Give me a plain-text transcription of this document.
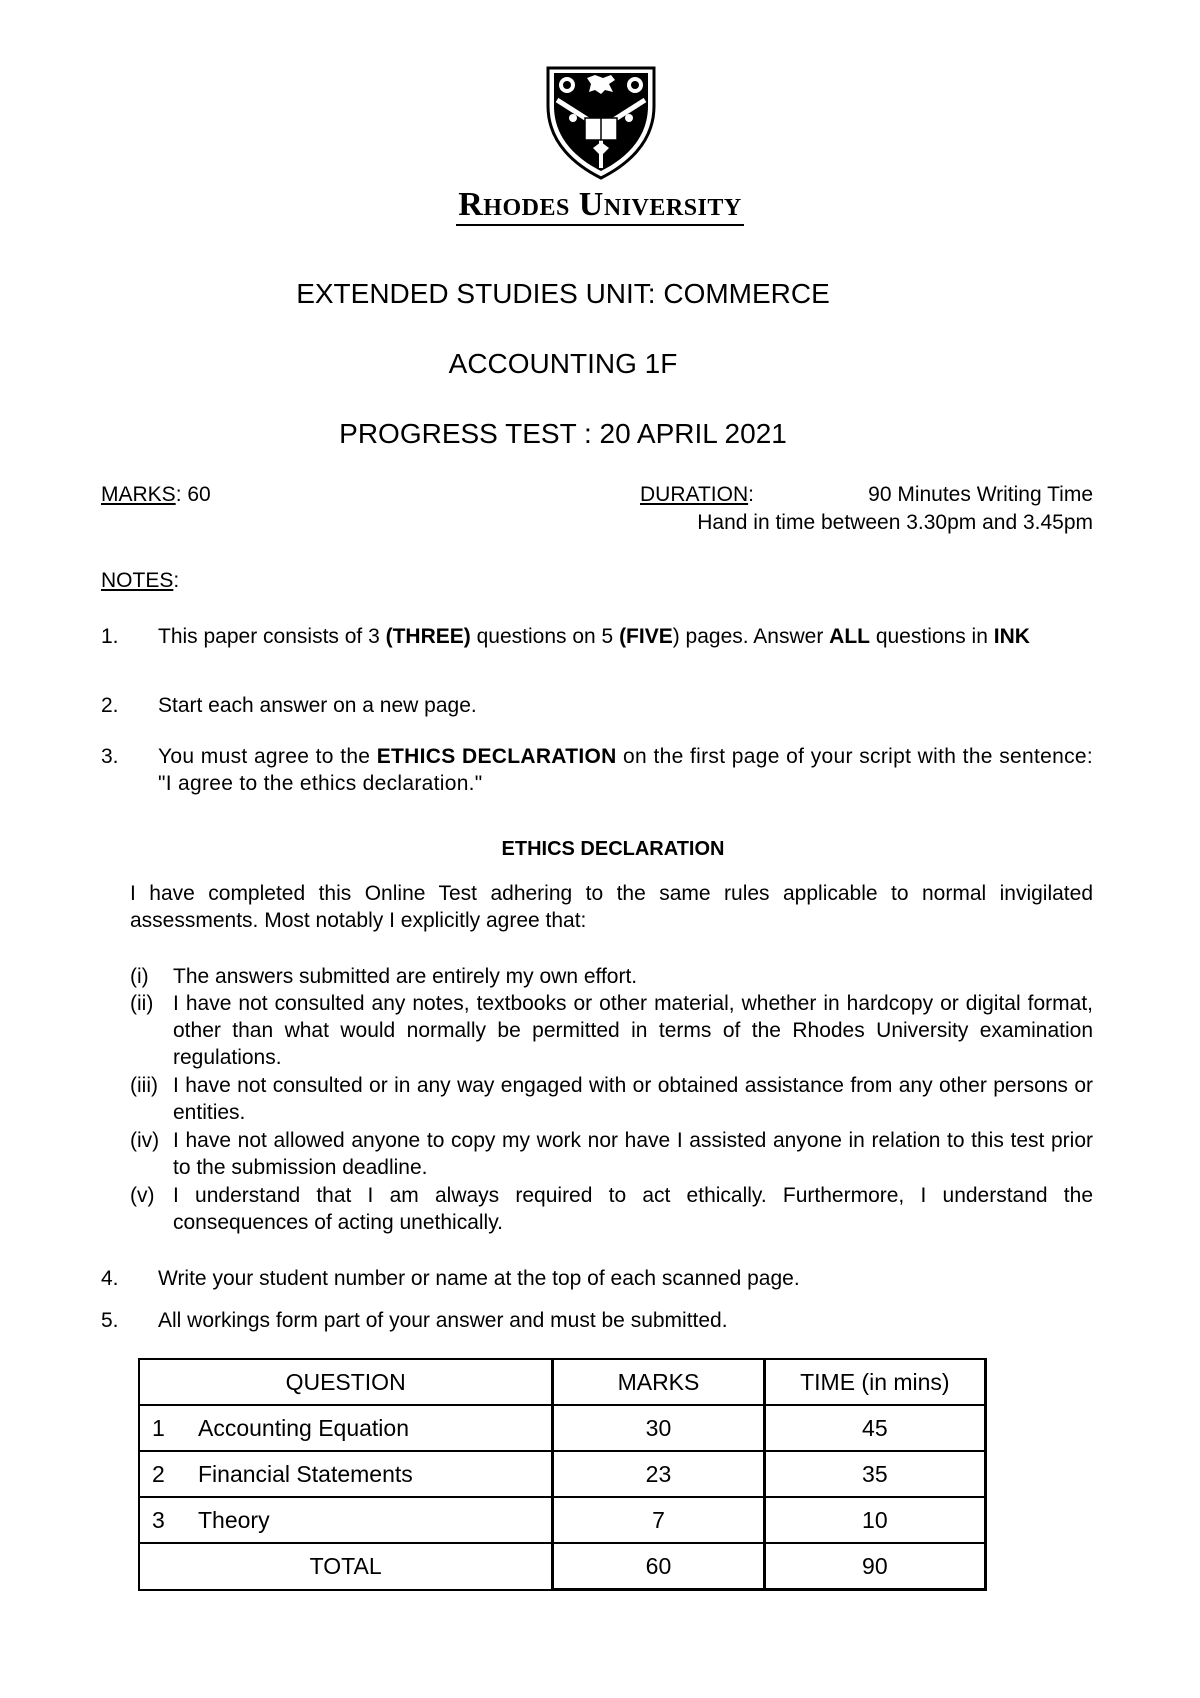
Rhodes University
EXTENDED STUDIES UNIT: COMMERCE
ACCOUNTING 1F
PROGRESS TEST : 20 APRIL 2021
MARKS: 60	DURATION:	90 Minutes Writing Time
Hand in time between 3.30pm and 3.45pm
NOTES:
1.	This paper consists of 3 (THREE) questions on 5 (FIVE) pages. Answer ALL questions in INK
2.	Start each answer on a new page.
3.	You must agree to the ETHICS DECLARATION on the first page of your script with the sentence: "I agree to the ethics declaration."
ETHICS DECLARATION
I have completed this Online Test adhering to the same rules applicable to normal invigilated assessments. Most notably I explicitly agree that:
(i) The answers submitted are entirely my own effort.
(ii) I have not consulted any notes, textbooks or other material, whether in hardcopy or digital format, other than what would normally be permitted in terms of the Rhodes University examination regulations.
(iii) I have not consulted or in any way engaged with or obtained assistance from any other persons or entities.
(iv) I have not allowed anyone to copy my work nor have I assisted anyone in relation to this test prior to the submission deadline.
(v) I understand that I am always required to act ethically. Furthermore, I understand the consequences of acting unethically.
4.	Write your student number or name at the top of each scanned page.
5.	All workings form part of your answer and must be submitted.
QUESTION	MARKS	TIME (in mins)
1 Accounting Equation	30	45
2 Financial Statements	23	35
3 Theory	7	10
TOTAL	60	90
